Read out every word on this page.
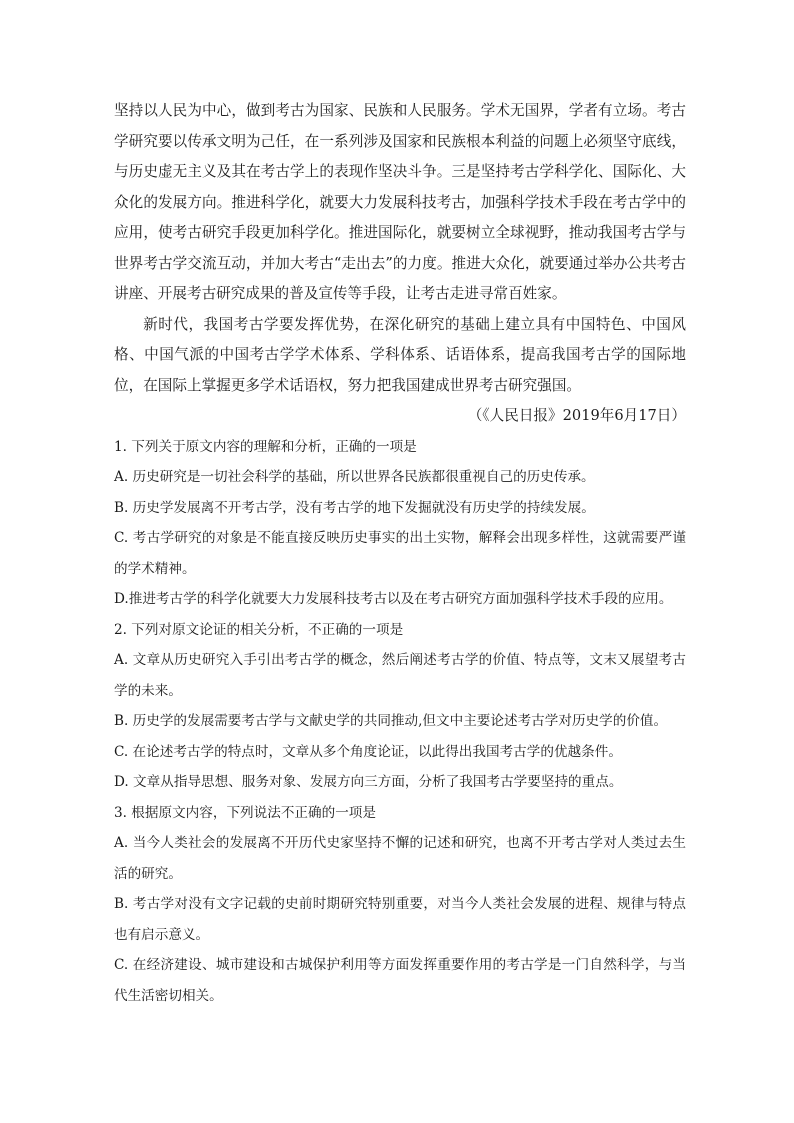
坚持以人民为中心，做到考古为国家、民族和人民服务。学术无国界，学者有立场。考古学研究要以传承文明为己任，在一系列涉及国家和民族根本利益的问题上必须坚守底线，与历史虚无主义及其在考古学上的表现作坚决斗争。三是坚持考古学科学化、国际化、大众化的发展方向。推进科学化，就要大力发展科技考古，加强科学技术手段在考古学中的应用，使考古研究手段更加科学化。推进国际化，就要树立全球视野，推动我国考古学与世界考古学交流互动，并加大考古“走出去”的力度。推进大众化，就要通过举办公共考古讲座、开展考古研究成果的普及宣传等手段，让考古走进寻常百姓家。

新时代，我国考古学要发挥优势，在深化研究的基础上建立具有中国特色、中国风格、中国气派的中国考古学学术体系、学科体系、话语体系，提高我国考古学的国际地位，在国际上掌握更多学术话语权，努力把我国建成世界考古研究强国。

（《人民日报》2019年6月17日）

1. 下列关于原文内容的理解和分析，正确的一项是

A. 历史研究是一切社会科学的基础，所以世界各民族都很重视自己的历史传承。

B. 历史学发展离不开考古学，没有考古学的地下发掘就没有历史学的持续发展。

C. 考古学研究的对象是不能直接反映历史事实的出土实物，解释会出现多样性，这就需要严谨的学术精神。

D.推进考古学的科学化就要大力发展科技考古以及在考古研究方面加强科学技术手段的应用。

2. 下列对原文论证的相关分析，不正确的一项是

A. 文章从历史研究入手引出考古学的概念，然后阐述考古学的价值、特点等，文末又展望考古学的未来。

B. 历史学的发展需要考古学与文献史学的共同推动,但文中主要论述考古学对历史学的价值。

C. 在论述考古学的特点时，文章从多个角度论证，以此得出我国考古学的优越条件。

D. 文章从指导思想、服务对象、发展方向三方面，分析了我国考古学要坚持的重点。

3. 根据原文内容，下列说法不正确的一项是

A. 当今人类社会的发展离不开历代史家坚持不懈的记述和研究，也离不开考古学对人类过去生活的研究。

B. 考古学对没有文字记载的史前时期研究特别重要，对当今人类社会发展的进程、规律与特点也有启示意义。

C. 在经济建设、城市建设和古城保护利用等方面发挥重要作用的考古学是一门自然科学，与当代生活密切相关。
